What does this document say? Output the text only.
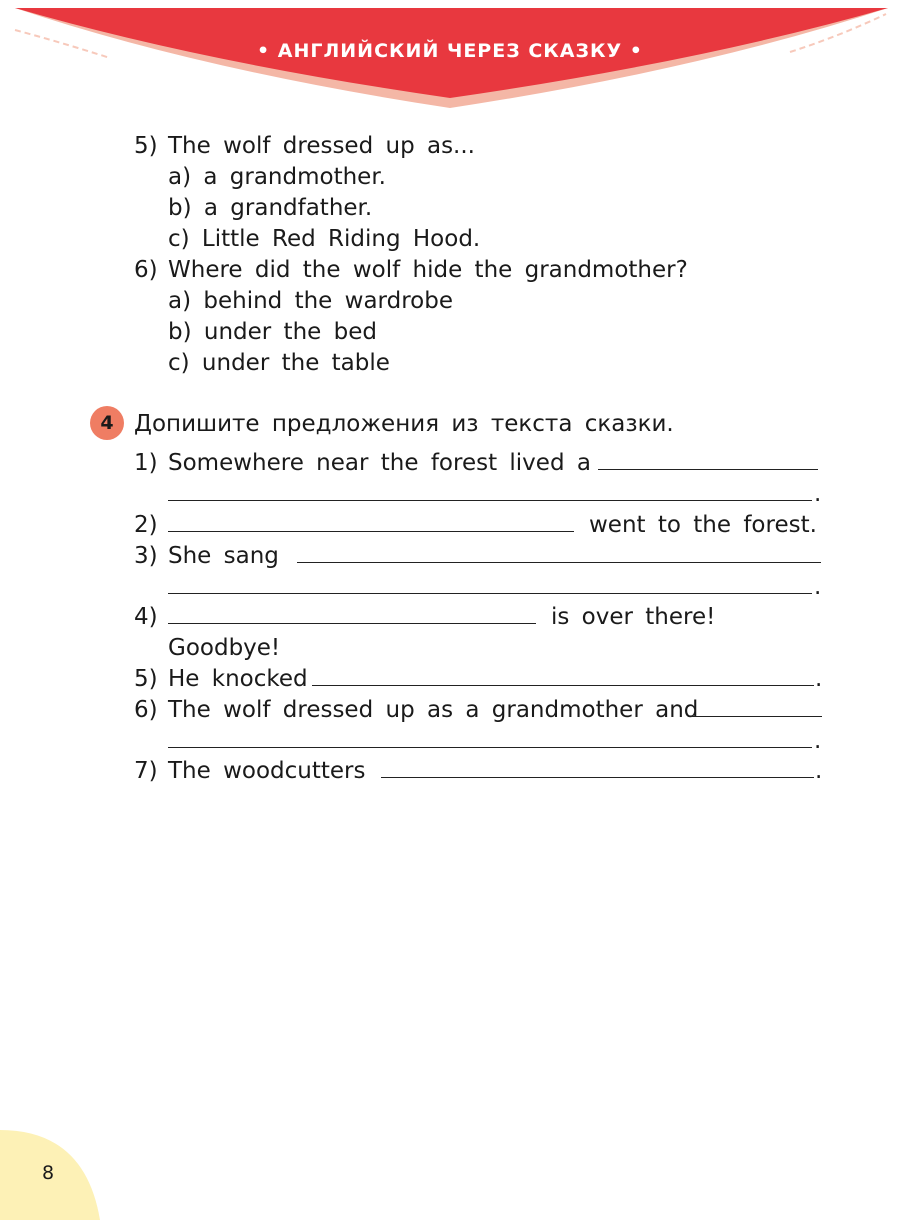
• АНГЛИЙСКИЙ ЧЕРЕЗ СКАЗКУ •
5) The wolf dressed up as...
a) a grandmother.
b) a grandfather.
c) Little Red Riding Hood.
6) Where did the wolf hide the grandmother?
a) behind the wardrobe
b) under the bed
c) under the table
4 Допишите предложения из текста сказки.
1) Somewhere near the forest lived a
.
2)	went to the forest.
3) She sang
.
4)	is over there!
Goodbye!
5) He knocked	.
6) The wolf dressed up as a grandmother and
.
7) The woodcutters	.
8
